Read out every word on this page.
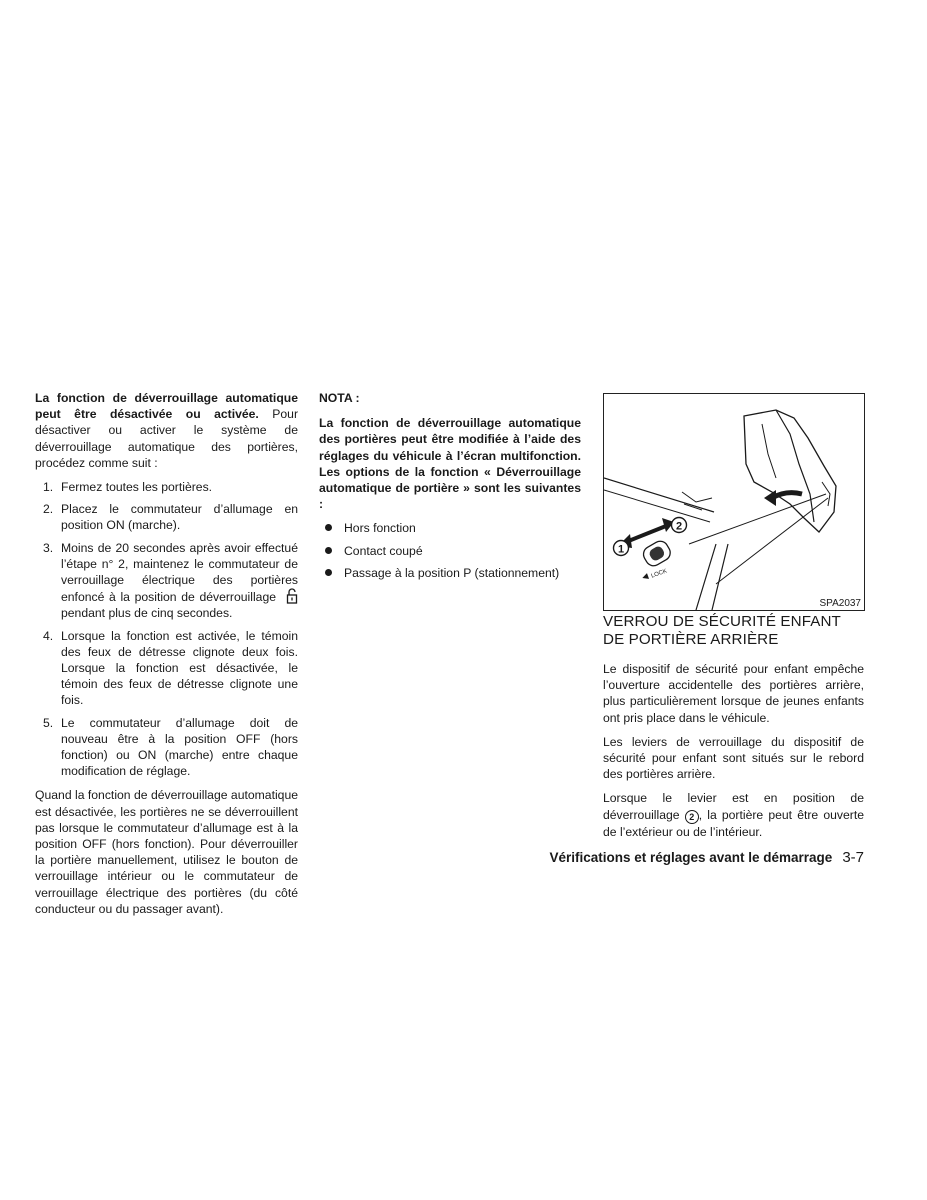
La fonction de déverrouillage automatique peut être désactivée ou activée. Pour désactiver ou activer le système de déverrouillage automatique des portières, procédez comme suit :

1. Fermez toutes les portières.
2. Placez le commutateur d’allumage en position ON (marche).
3. Moins de 20 secondes après avoir effectué l’étape n° 2, maintenez le commutateur de verrouillage électrique des portières enfoncé à la position de déverrouillage pendant plus de cinq secondes.
4. Lorsque la fonction est activée, le témoin des feux de détresse clignote deux fois. Lorsque la fonction est désactivée, le témoin des feux de détresse clignote une fois.
5. Le commutateur d’allumage doit de nouveau être à la position OFF (hors fonction) ou ON (marche) entre chaque modification de réglage.

Quand la fonction de déverrouillage automatique est désactivée, les portières ne se déverrouillent pas lorsque le commutateur d’allumage est à la position OFF (hors fonction). Pour déverrouiller la portière manuellement, utilisez le bouton de verrouillage intérieur ou le commutateur de verrouillage électrique des portières (du côté conducteur ou du passager avant).

NOTA :

La fonction de déverrouillage automatique des portières peut être modifiée à l’aide des réglages du véhicule à l’écran multifonction. Les options de la fonction « Déverrouillage automatique de portière » sont les suivantes :

Hors fonction
Contact coupé
Passage à la position P (stationnement)
1
2
LOCK
SPA2037
VERROU DE SÉCURITÉ ENFANT DE PORTIÈRE ARRIÈRE

Le dispositif de sécurité pour enfant empêche l’ouverture accidentelle des portières arrière, plus particulièrement lorsque de jeunes enfants ont pris place dans le véhicule.

Les leviers de verrouillage du dispositif de sécurité pour enfant sont situés sur le rebord des portières arrière.

Lorsque le levier est en position de déverrouillage 2 , la portière peut être ouverte de l’extérieur ou de l’intérieur.

Vérifications et réglages avant le démarrage 3-7
